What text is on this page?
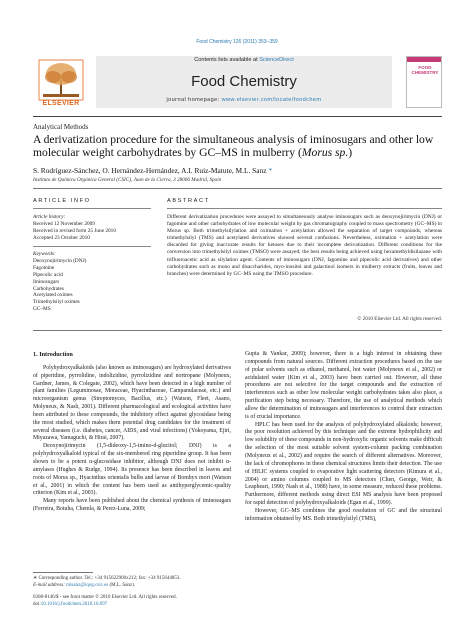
Food Chemistry 126 (2011) 353–359
ELSEVIER
Contents lists available at ScienceDirect
Food Chemistry
journal homepage: www.elsevier.com/locate/foodchem
FOOD CHEMISTRY
Analytical Methods
A derivatization procedure for the simultaneous analysis of iminosugars and other low molecular weight carbohydrates by GC–MS in mulberry (Morus sp.)
S. Rodríguez-Sánchez, O. Hernández-Hernández, A.I. Ruiz-Matute, M.L. Sanz *
Instituto de Química Orgánica General (CSIC), Juan de la Cierva, 3 28006 Madrid, Spain
ARTICLE INFO	ABSTRACT
Article history:
Received 12 November 2009
Received in revised form 25 June 2010
Accepted 23 October 2010
Keywords:
Deoxynojirimycin (DNJ)
Fagomine
Pipecolic acid
Iminosugars
Carbohydrates
Acetylated oximes
Trimethylsilyl oximes
GC–MS

Different derivatization procedures were assayed to simultaneously analyse iminosugars such as deoxynojirimycin (DNJ) or fagomine and other carbohydrates of low molecular weight by gas chromatography coupled to mass spectrometry (GC–MS) in Morus sp. Both trimethylsilylation and oximation + acetylation allowed the separation of target compounds, whereas trimethylsilyl (TMS) and acetylated derivatives showed several confusions. Nevertheless, oximation + acetylation were discarded for giving inaccurate results for ketoses due to their incomplete derivatization. Different conditions for the conversion into trimethylsilyl oximes (TMSO) were assayed; the best results being achieved using hexamethyldisilazane with trifluoroacetic acid as silylation agent. Contents of iminosugars (DNJ, fagomine and pipecolic acid derivatives) and other carbohydrates such as mono and disaccharides, myo-inositol and galactinol isomers in mulberry extracts (fruits, leaves and branches) were determined by GC–MS using the TMSO procedure.

© 2010 Elsevier Ltd. All rights reserved.
1. Introduction

Polyhydroxyalkaloids (also known as iminosugars) are hydroxylated derivatives of piperidine, pyrrolidine, indolizidine, pyrrolizidine and nortropane (Molyneux, Gardner, James, & Colegate, 2002), which have been detected in a high number of plant families (Leguminosae, Moraceae, Hyacinthaceae, Campanulaceae, etc.) and microorganism genus (Streptomyces, Bacillus, etc.) (Watson, Fleet, Asano, Molyneux, & Nash, 2001). Different pharmacological and ecological activities have been attributed to these compounds, the inhibitory effect against glycosidase being the most studied, which makes them potential drug candidates for the treatment of several diseases (i.e. diabetes, cancer, AIDS, and viral infections) (Yokoyama, Ejiri, Miyazawa, Yamaguchi, & Hirai, 2007).

Deoxynojirimycin (1,5-dideoxy-1,5-imino-d-glucitol; DNJ) is a polyhydroxyalkaloid typical of the six-membered ring piperidine group. It has been shown to be a potent α-glucosidase inhibitor, although DNJ does not inhibit α-amylases (Hughes & Rudge, 1994). Its presence has been described in leaves and roots of Morus sp., Hyacinthus orientalis bulbs and larvae of Bombyx mori (Watson et al., 2001) in which the content has been used as antihyperglycemic-quality criterion (Kim et al., 2003).

Many reports have been published about the chemical synthesis of iminosugars (Ferreira, Botuha, Chemla, & Perez-Luna, 2009;

Gupta & Vankar, 2009); however, there is a high interest in obtaining these compounds from natural sources. Different extraction procedures based on the use of polar solvents such as ethanol, methanol, hot water (Molyneux et al., 2002) or acidulated water (Kim et al., 2003) have been carried out. However, all these procedures are not selective for the target compounds and the extraction of interferences such as other low molecular weight carbohydrates takes also place, a purification step being necessary. Therefore, the use of analytical methods which allow the determination of iminosugars and interferences to control their extraction is of crucial importance.

HPLC has been used for the analysis of polyhydroxylated alkaloids; however, the poor resolution achieved by this technique and the extreme hydrophilicity and low solubility of these compounds in non-hydroxylic organic solvents make difficult the selection of the most suitable solvent system-column packing combination (Molyneux et al., 2002) and require the search of different alternatives. Moreover, the lack of chromophores in these chemical structures limits their detection. The use of HILIC systems coupled to evaporative light scattering detectors (Kimura et al., 2004) or amino columns coupled to MS detectors (Chen, George, Weir, & Leapheart, 1990; Nash et al., 1988) have, in some measure, reduced these problems. Furthermore, different methods using direct ESI MS analysis have been proposed for rapid detection of polyhydroxyalkaloids (Egan et al., 1999).

However, GC–MS combines the good resolution of GC and the structural information obtained by MS. Both trimethylsilyl (TMS),

∗ Corresponding author. Tel.: +34 915622900x212; fax: +34 915644853.
E-mail address: mlsanz@iqog.csic.es (M.L. Sanz).
0308-8146/$ - see front matter © 2010 Elsevier Ltd. All rights reserved.
doi:10.1016/j.foodchem.2010.10.097
